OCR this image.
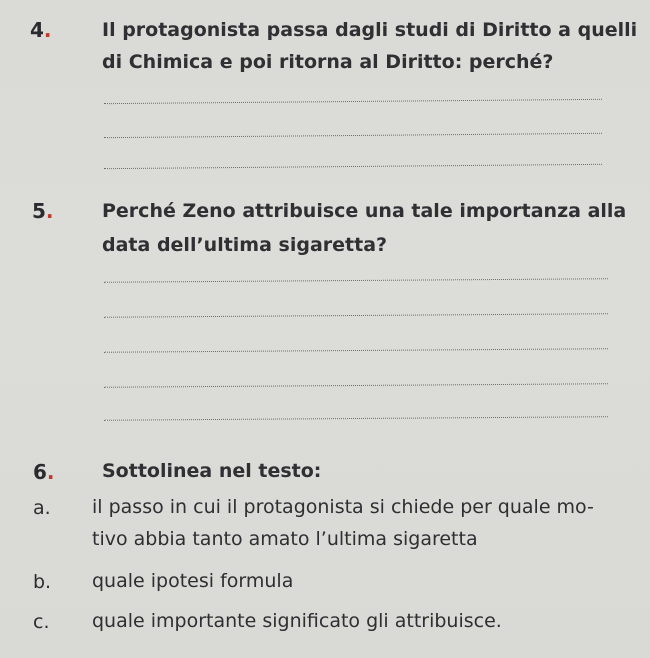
4.	Il protagonista passa dagli studi di Diritto a quelli
di Chimica e poi ritorna al Diritto: perché?
5.	Perché Zeno attribuisce una tale importanza alla
data dell’ultima sigaretta?
6. Sottolinea nel testo:
a. il passo in cui il protagonista si chiede per quale mo-
tivo abbia tanto amato l’ultima sigaretta
b. quale ipotesi formula
c. quale importante significato gli attribuisce.
